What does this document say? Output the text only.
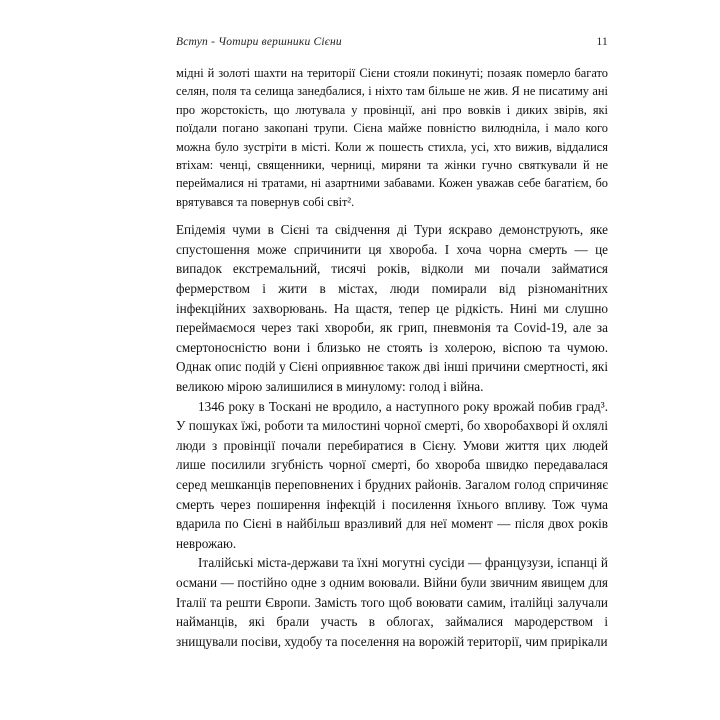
Вступ - Чотири вершники Сієни	11

мідні й золоті шахти на території Сієни стояли покинуті; позаяк померло багато селян, поля та селища занедбалися, і ніхто там більше не жив. Я не писатиму ані про жорстокість, що лютувала у провінції, ані про вовків і диких звірів, які поїдали погано закопані трупи. Сієна майже повністю вилюдніла, і мало кого можна було зустріти в місті. Коли ж пошесть стихла, усі, хто вижив, віддалися втіхам: ченці, священники, черниці, миряни та жінки гучно святкували й не переймалися ні тратами, ні азартними забавами. Кожен уважав себе багатієм, бо врятувався та повернув собі світ².

Епідемія чуми в Сієні та свідчення ді Тури яскраво демонструють, яке спустошення може спричинити ця хвороба. І хоча чорна смерть — це випадок екстремальний, тисячі років, відколи ми почали займатися фермерством і жити в містах, люди помирали від різноманітних інфекційних захворювань. На щастя, тепер це рідкість. Нині ми слушно переймаємося через такі хвороби, як грип, пневмонія та Covid-19, але за смертоносністю вони і близько не стоять із холерою, віспою та чумою. Однак опис подій у Сієні оприявнює також дві інші причини смертності, які великою мірою залишилися в минулому: голод і війна.

1346 року в Тоскані не вродило, а наступного року врожай побив град³. У пошуках їжі, роботи та милостині чорної смерті, бо хворобахворі й охлялі люди з провінції почали перебиратися в Сієну. Умови життя цих людей лише посилили згубність чорної смерті, бо хвороба швидко передавалася серед мешканців переповнених і брудних районів. Загалом голод спричиняє смерть через поширення інфекцій і посилення їхнього впливу. Тож чума вдарила по Сієні в найбільш вразливий для неї момент — після двох років неврожаю.

Італійські міста-держави та їхні могутні сусіди — французузи, іспанці й османи — постійно одне з одним воювали. Війни були звичним явищем для Італії та решти Європи. Замість того щоб воювати самим, італійці залучали найманців, які брали участь в облогах, займалися мародерством і знищували посіви, худобу та поселення на ворожій території, чим прирікали
